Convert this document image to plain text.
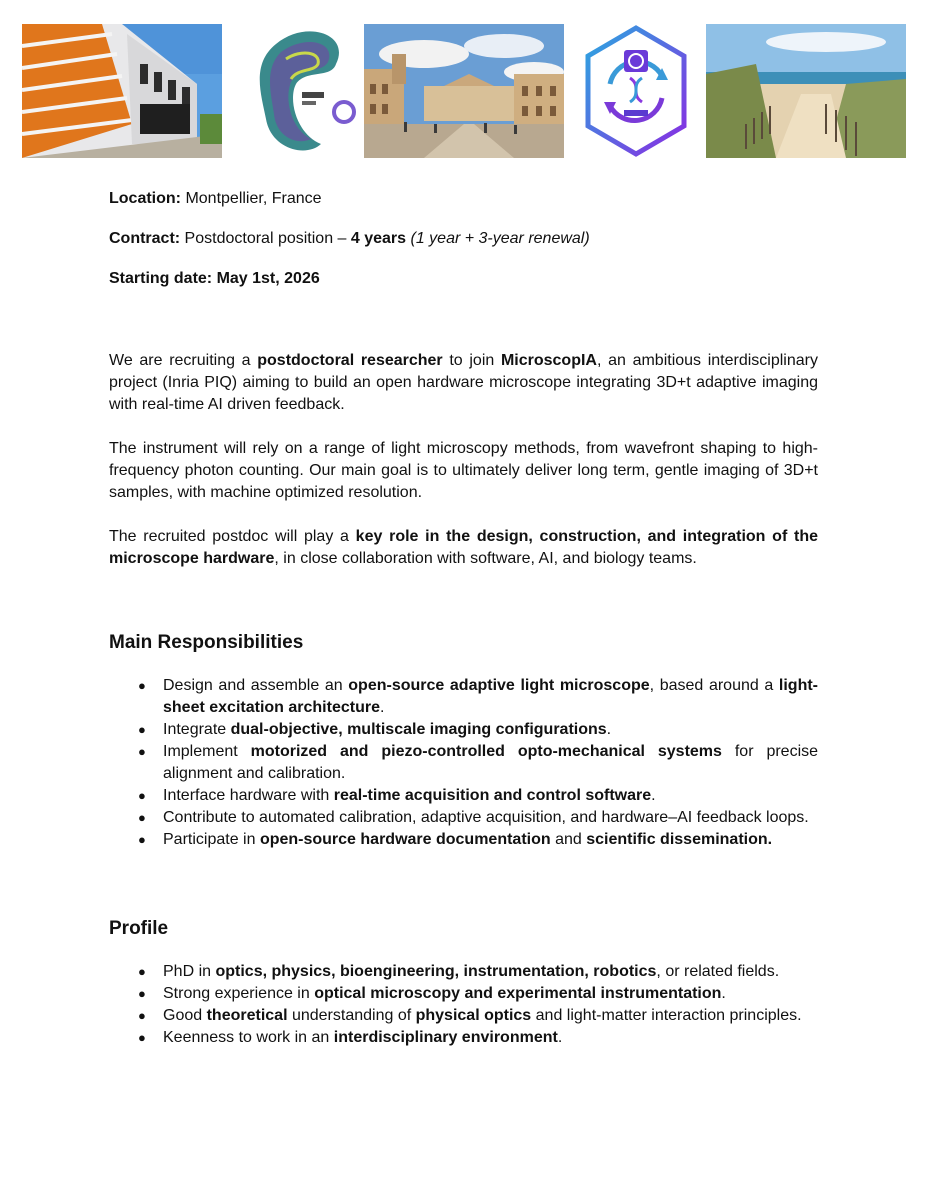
Location: Montpellier, France

Contract: Postdoctoral position – 4 years (1 year + 3-year renewal)

Starting date: May 1st, 2026

We are recruiting a postdoctoral researcher to join MicroscopIA, an ambitious interdisciplinary project (Inria PIQ) aiming to build an open hardware microscope integrating 3D+t adaptive imaging with real-time AI driven feedback.

The instrument will rely on a range of light microscopy methods, from wavefront shaping to high-frequency photon counting. Our main goal is to ultimately deliver long term, gentle imaging of 3D+t samples, with machine optimized resolution.

The recruited postdoc will play a key role in the design, construction, and integration of the microscope hardware, in close collaboration with software, AI, and biology teams.

Main Responsibilities
● Design and assemble an open-source adaptive light microscope, based around a light-sheet excitation architecture.
● Integrate dual-objective, multiscale imaging configurations.
● Implement motorized and piezo-controlled opto-mechanical systems for precise alignment and calibration.
● Interface hardware with real-time acquisition and control software.
● Contribute to automated calibration, adaptive acquisition, and hardware–AI feedback loops.
● Participate in open-source hardware documentation and scientific dissemination.
Profile
● PhD in optics, physics, bioengineering, instrumentation, robotics, or related fields.
● Strong experience in optical microscopy and experimental instrumentation.
● Good theoretical understanding of physical optics and light-matter interaction principles.
● Keenness to work in an interdisciplinary environment.
